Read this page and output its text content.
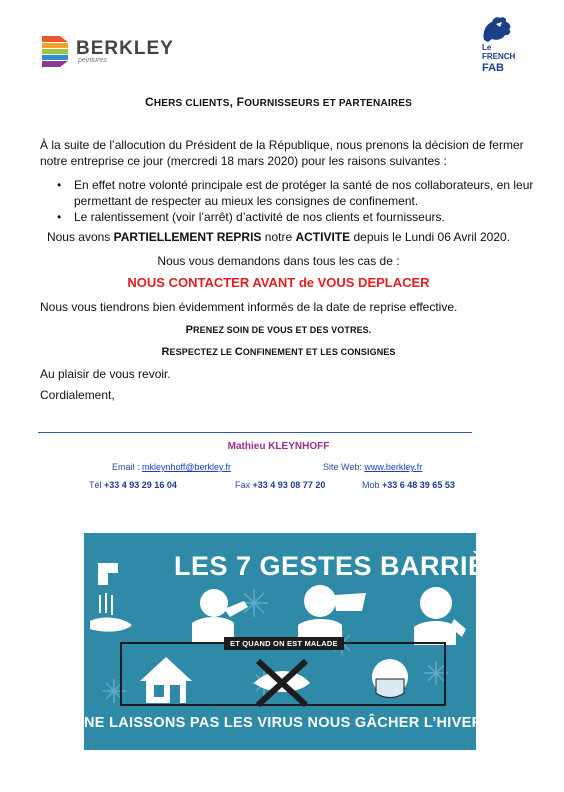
BERKLEY
peintures
Le
FRENCH
FAB
CHERS CLIENTS, FOURNISSEURS ET PARTENAIRES
À la suite de l’allocution du Président de la République, nous prenons la décision de fermer notre entreprise ce jour (mercredi 18 mars 2020) pour les raisons suivantes :
• En effet notre volonté principale est de protéger la santé de nos collaborateurs, en leur permettant de respecter au mieux les consignes de confinement.
• Le ralentissement (voir l’arrêt) d’activité de nos clients et fournisseurs.
Nous avons PARTIELLEMENT REPRIS notre ACTIVITE depuis le Lundi 06 Avril 2020.
Nous vous demandons dans tous les cas de :
NOUS CONTACTER AVANT de VOUS DEPLACER
Nous vous tiendrons bien évidemment informés de la date de reprise effective.
PRENEZ SOIN DE VOUS ET DES VOTRES.
RESPECTEZ LE CONFINEMENT ET LES CONSIGNES
Au plaisir de vous revoir.
Cordialement,
Mathieu KLEYNHOFF
Email : mkleynhoff@berkley.fr	Site Web: www.berkley.fr
Tél +33 4 93 29 16 04	Fax +33 4 93 08 77 20	Mob +33 6 48 39 65 53
LES 7 GESTES BARRIÈRES
ET QUAND ON EST MALADE
NE LAISSONS PAS LES VIRUS NOUS GÂCHER L’HIVER
